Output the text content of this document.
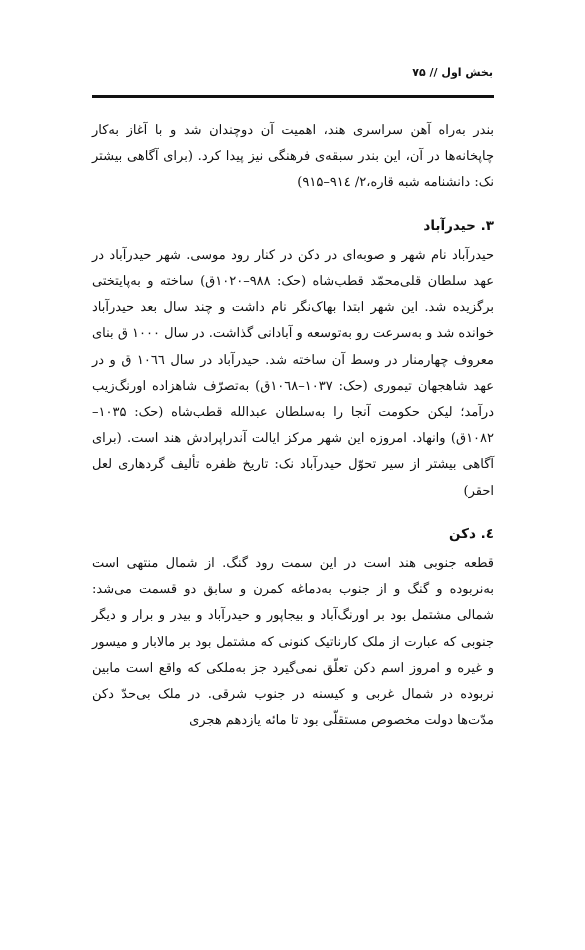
بخش اول // ۷۵

بندر به‌راه آهن سراسری هند، اهمیت آن دوچندان شد و با آغاز به‌کار چاپخانه‌ها در آن، این بندر سبقه‌ی فرهنگی نیز پیدا کرد. (برای آگاهی بیشتر نک: دانشنامه شبه قاره،۲/ ۹۱٤–۹۱۵)

۳. حیدرآباد

حیدرآباد نام شهر و صوبه‌ای در دکن در کنار رود موسی. شهر حیدرآباد در عهد سلطان قلی‌محمّد قطب‌شاه (حک: ۹۸۸–۱۰۲۰ق) ساخته و به‌پایتختی برگزیده شد. این شهر ابتدا بهاک‌نگر نام داشت و چند سال بعد حیدرآباد خوانده شد و به‌سرعت رو به‌توسعه و آبادانی گذاشت. در سال ۱۰۰۰ ق بنای معروف چهارمنار در وسط آن ساخته شد. حیدرآباد در سال ۱۰٦٦ ق و در عهد شاهجهان تیموری (حک: ۱۰۳۷–۱۰٦۸ق) به‌تصرّف شاهزاده اورنگ‌زیب درآمد؛ لیکن حکومت آنجا را به‌سلطان عبدالله قطب‌شاه (حک: ۱۰۳۵–۱۰۸۲ق) وانهاد. امروزه این شهر مرکز ایالت آندراپرادش هند است. (برای آگاهی بیشتر از سیر تحوّل حیدرآباد نک: تاریخ ظفره تألیف گردهاری لعل احقر)

٤. دکن

قطعه جنوبی هند است در این سمت رود گنگ. از شمال منتهی است به‌نربوده و گنگ و از جنوب به‌دماغه کمرن و سابق دو قسمت می‌شد: شمالی مشتمل بود بر اورنگ‌آباد و بیجاپور و حیدرآباد و بیدر و برار و دیگر جنوبی که عبارت از ملک کارناتیک کنونی که مشتمل بود بر مالابار و میسور و غیره و امروز اسم دکن تعلّق نمی‌گیرد جز به‌ملکی که واقع است مابین نربوده در شمال غربی و کیسنه در جنوب شرقی. در ملک بی‌حدّ دکن مدّت‌ها دولت مخصوص مستقلّی بود تا مائه یازدهم هجری
